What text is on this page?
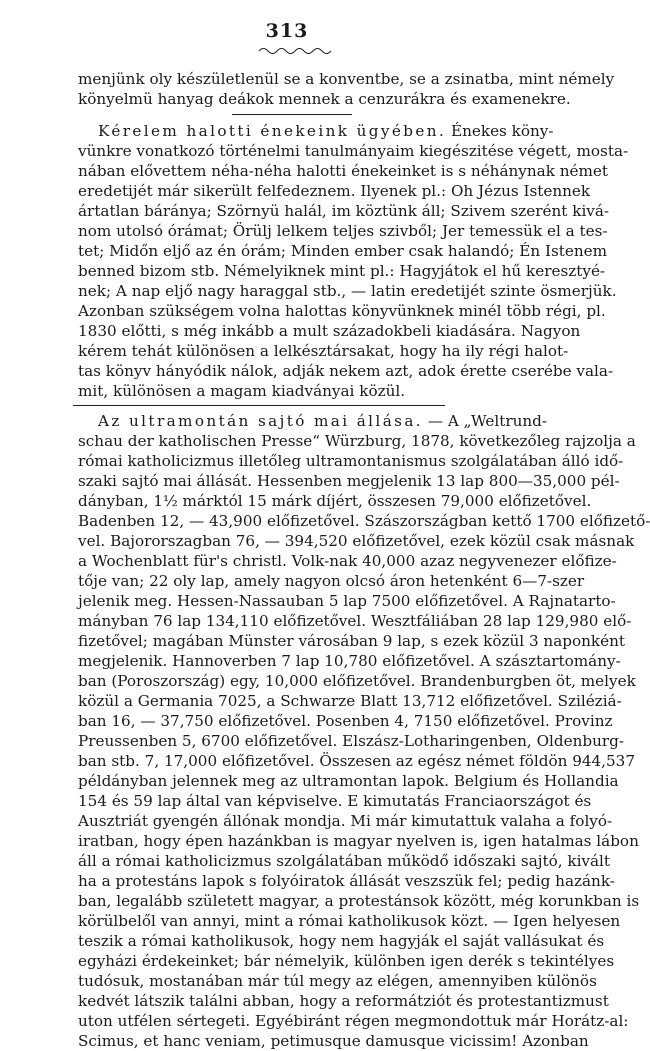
313
menjünk oly készületlenül se a konventbe, se a zsinatba, mint némely
könyelmü hanyag deákok mennek a cenzurákra és examenekre.
Kérelem halotti énekeink ügyében. Énekes köny-
vünkre vonatkozó történelmi tanulmányaim kiegészitése végett, mosta-
nában elővettem néha-néha halotti énekeinket is s néhánynak német
eredetijét már sikerült felfedeznem. Ilyenek pl.: Oh Jézus Istennek
ártatlan báránya; Szörnyü halál, im köztünk áll; Szivem szerént kivá-
nom utolsó órámat; Örülj lelkem teljes szivből; Jer temessük el a tes-
tet; Midőn eljő az én órám; Minden ember csak halandó; Én Istenem
benned bizom stb. Némelyiknek mint pl.: Hagyjátok el hű keresztyé-
nek; A nap eljő nagy haraggal stb., — latin eredetijét szinte ösmerjük.
Azonban szükségem volna halottas könyvünknek minél több régi, pl.
1830 előtti, s még inkább a mult századokbeli kiadására. Nagyon
kérem tehát különösen a lelkésztársakat, hogy ha ily régi halot-
tas könyv hányódik nálok, adják nekem azt, adok érette cserébe vala-
mit, különösen a magam kiadványai közül.
Az ultramontán sajtó mai állása. — A „Weltrund-
schau der katholischen Presse“ Würzburg, 1878, következőleg rajzolja a
római katholicizmus illetőleg ultramontanismus szolgálatában álló idő-
szaki sajtó mai állását. Hessenben megjelenik 13 lap 800—35,000 pél-
dányban, 1½ márktól 15 márk díjért, összesen 79,000 előfizetővel.
Badenben 12, — 43,900 előfizetővel. Szászországban kettő 1700 előfizető-
vel. Bajororszagban 76, — 394,520 előfizetővel, ezek közül csak másnak
a Wochenblatt für's christl. Volk-nak 40,000 azaz negyvenezer előfize-
tője van; 22 oly lap, amely nagyon olcsó áron hetenként 6—7-szer
jelenik meg. Hessen-Nassauban 5 lap 7500 előfizetővel. A Rajnatarto-
mányban 76 lap 134,110 előfizetővel. Wesztfáliában 28 lap 129,980 elő-
fizetővel; magában Münster városában 9 lap, s ezek közül 3 naponként
megjelenik. Hannoverben 7 lap 10,780 előfizetővel. A szásztartomány-
ban (Poroszország) egy, 10,000 előfizetővel. Brandenburgben öt, melyek
közül a Germania 7025, a Schwarze Blatt 13,712 előfizetővel. Sziléziá-
ban 16, — 37,750 előfizetővel. Posenben 4, 7150 előfizetővel. Provinz
Preussenben 5, 6700 előfizetővel. Elszász-Lotharingenben, Oldenburg-
ban stb. 7, 17,000 előfizetővel. Összesen az egész német földön 944,537
példányban jelennek meg az ultramontan lapok. Belgium és Hollandia
154 és 59 lap által van képviselve. E kimutatás Franciaországot és
Ausztriát gyengén állónak mondja. Mi már kimutattuk valaha a folyó-
iratban, hogy épen hazánkban is magyar nyelven is, igen hatalmas lábon
áll a római katholicizmus szolgálatában működő időszaki sajtó, kivált
ha a protestáns lapok s folyóiratok állását veszszük fel; pedig hazánk-
ban, legalább született magyar, a protestánsok között, még korunkban is
körülbelől van annyi, mint a római katholikusok közt. — Igen helyesen
teszik a római katholikusok, hogy nem hagyják el saját vallásukat és
egyházi érdekeinket; bár némelyik, különben igen derék s tekintélyes
tudósuk, mostanában már túl megy az elégen, amennyiben különös
kedvét látszik találni abban, hogy a reformátziót és protestantizmust
uton utfélen sértegeti. Egyébiránt régen megmondottuk már Horátz-al:
Scimus, et hanc veniam, petimusque damusque vicissim! Azonban
